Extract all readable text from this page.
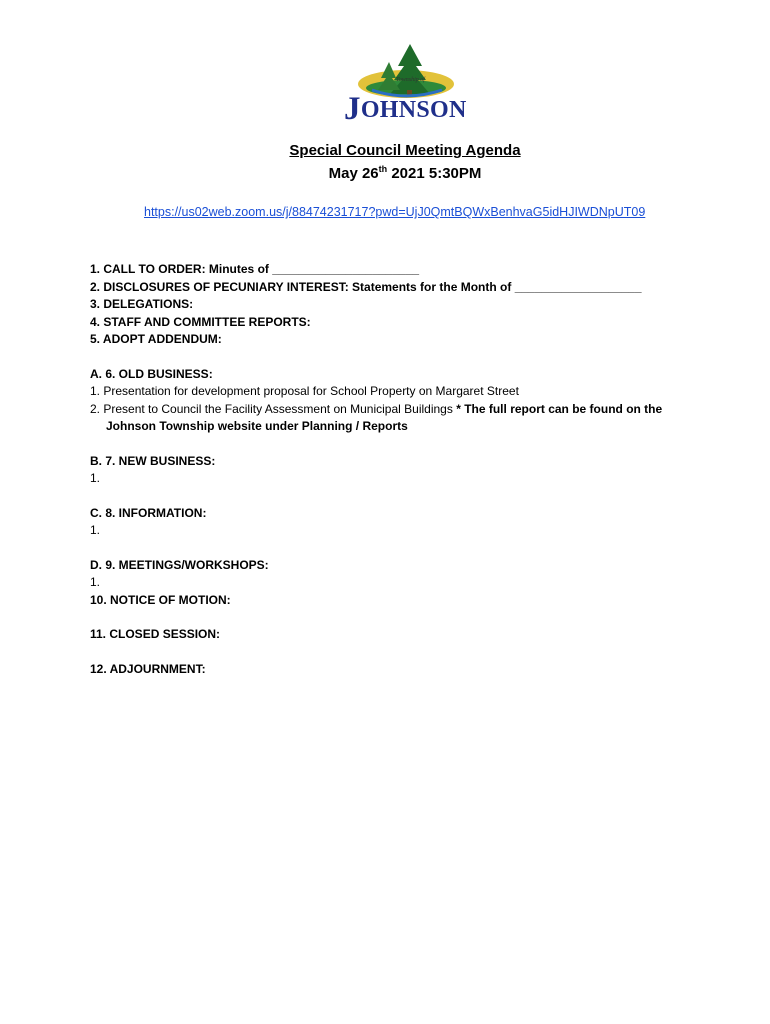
Township of
JOHNSON
Special Council Meeting Agenda
May 26th 2021 5:30PM
https://us02web.zoom.us/j/88474231717?pwd=UjJ0QmtBQWxBenhvaG5idHJIWDNpUT09
1. CALL TO ORDER: Minutes of ______________________
2. DISCLOSURES OF PECUNIARY INTEREST: Statements for the Month of ___________________
3. DELEGATIONS:
4. STAFF AND COMMITTEE REPORTS:
5. ADOPT ADDENDUM:
A. 6. OLD BUSINESS:
1. Presentation for development proposal for School Property on Margaret Street
2. Present to Council the Facility Assessment on Municipal Buildings * The full report can be found on the
Johnson Township website under Planning / Reports
B. 7. NEW BUSINESS:
1.
C. 8. INFORMATION:
1.
D. 9. MEETINGS/WORKSHOPS:
1.
10. NOTICE OF MOTION:
11. CLOSED SESSION:
12. ADJOURNMENT:
